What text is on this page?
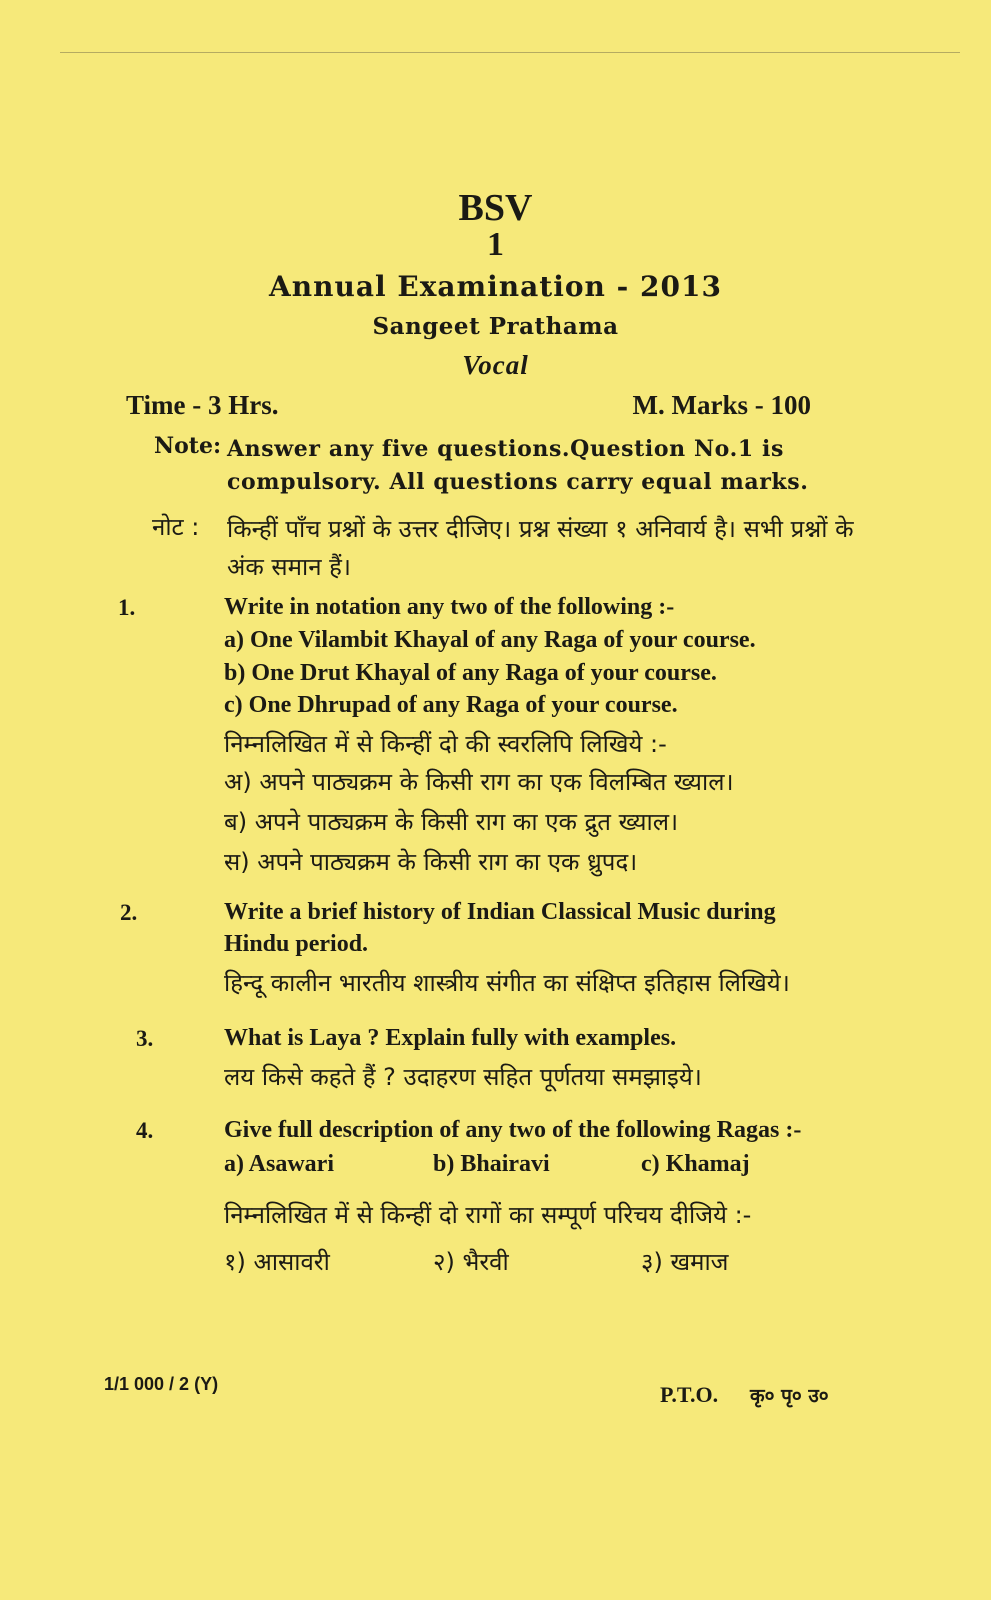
BSV
1
Annual Examination - 2013
Sangeet Prathama
Vocal
Time - 3 Hrs.	M. Marks - 100
Note: Answer any five questions.Question No.1 is compulsory. All questions carry equal marks.
नोट : किन्हीं पाँच प्रश्नों के उत्तर दीजिए। प्रश्न संख्या १ अनिवार्य है। सभी प्रश्नों के अंक समान हैं।
1.	Write in notation any two of the following :-
a) One Vilambit Khayal of any Raga of your course.
b) One Drut Khayal of any Raga of your course.
c) One Dhrupad of any Raga of your course.
निम्नलिखित में से किन्हीं दो की स्वरलिपि लिखिये :-
अ) अपने पाठ्यक्रम के किसी राग का एक विलम्बित ख्याल।
ब) अपने पाठ्यक्रम के किसी राग का एक द्रुत ख्याल।
स) अपने पाठ्यक्रम के किसी राग का एक ध्रुपद।
2.	Write a brief history of Indian Classical Music during
Hindu period.
हिन्दू कालीन भारतीय शास्त्रीय संगीत का संक्षिप्त इतिहास लिखिये।
3.	What is Laya ? Explain fully with examples.
लय किसे कहते हैं ? उदाहरण सहित पूर्णतया समझाइये।
4.	Give full description of any two of the following Ragas :-
a) Asawari	b) Bhairavi	c) Khamaj
निम्नलिखित में से किन्हीं दो रागों का सम्पूर्ण परिचय दीजिये :-
१) आसावरी	२) भैरवी	३) खमाज
1/1 000 / 2 (Y)	P.T.O. कृ० पृ० उ०
